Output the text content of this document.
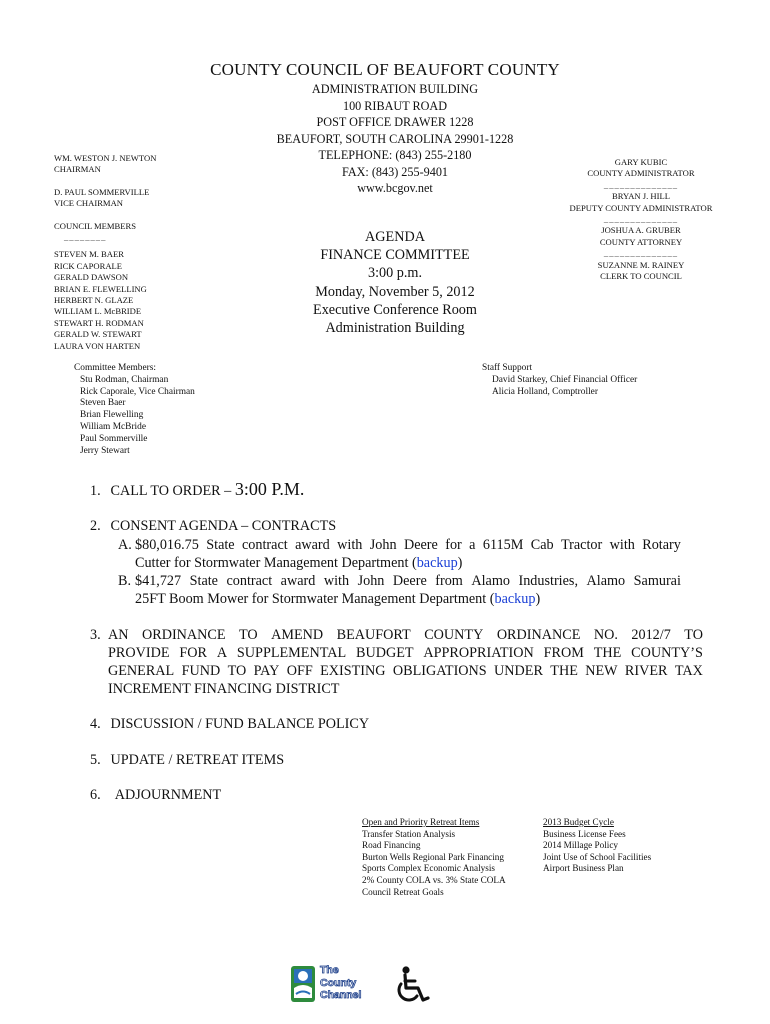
COUNTY COUNCIL OF BEAUFORT COUNTY
ADMINISTRATION BUILDING
100 RIBAUT ROAD
POST OFFICE DRAWER 1228
BEAUFORT, SOUTH CAROLINA 29901-1228
TELEPHONE: (843) 255-2180
FAX: (843) 255-9401
www.bcgov.net
WM. WESTON J. NEWTON
CHAIRMAN
D. PAUL SOMMERVILLE
VICE CHAIRMAN
COUNCIL MEMBERS
________
STEVEN M. BAER
RICK CAPORALE
GERALD DAWSON
BRIAN E. FLEWELLING
HERBERT N. GLAZE
WILLIAM L. McBRIDE
STEWART H. RODMAN
GERALD W. STEWART
LAURA VON HARTEN
GARY KUBIC
COUNTY ADMINISTRATOR
______________
BRYAN J. HILL
DEPUTY COUNTY ADMINISTRATOR
______________
JOSHUA A. GRUBER
COUNTY ATTORNEY
______________
SUZANNE M. RAINEY
CLERK TO COUNCIL
AGENDA
FINANCE COMMITTEE
3:00 p.m.
Monday, November 5, 2012
Executive Conference Room
Administration Building
Committee Members:
Stu Rodman, Chairman
Rick Caporale, Vice Chairman
Steven Baer
Brian Flewelling
William McBride
Paul Sommerville
Jerry Stewart
Staff Support
David Starkey, Chief Financial Officer
Alicia Holland, Comptroller
1. CALL TO ORDER – 3:00 P.M.
2. CONSENT AGENDA – CONTRACTS
A. $80,016.75 State contract award with John Deere for a 6115M Cab Tractor with Rotary
Cutter for Stormwater Management Department (backup)
B. $41,727 State contract award with John Deere from Alamo Industries, Alamo Samurai
25FT Boom Mower for Stormwater Management Department (backup)
3. AN ORDINANCE TO AMEND BEAUFORT COUNTY ORDINANCE NO. 2012/7 TO
PROVIDE FOR A SUPPLEMENTAL BUDGET APPROPRIATION FROM THE COUNTY’S
GENERAL FUND TO PAY OFF EXISTING OBLIGATIONS UNDER THE NEW RIVER TAX
INCREMENT FINANCING DISTRICT
4. DISCUSSION / FUND BALANCE POLICY
5. UPDATE / RETREAT ITEMS
6. ADJOURNMENT
Open and Priority Retreat Items
Transfer Station Analysis
Road Financing
Burton Wells Regional Park Financing
Sports Complex Economic Analysis
2% County COLA vs. 3% State COLA
Council Retreat Goals
2013 Budget Cycle
Business License Fees
2014 Millage Policy
Joint Use of School Facilities
Airport Business Plan
The
County
Channel
